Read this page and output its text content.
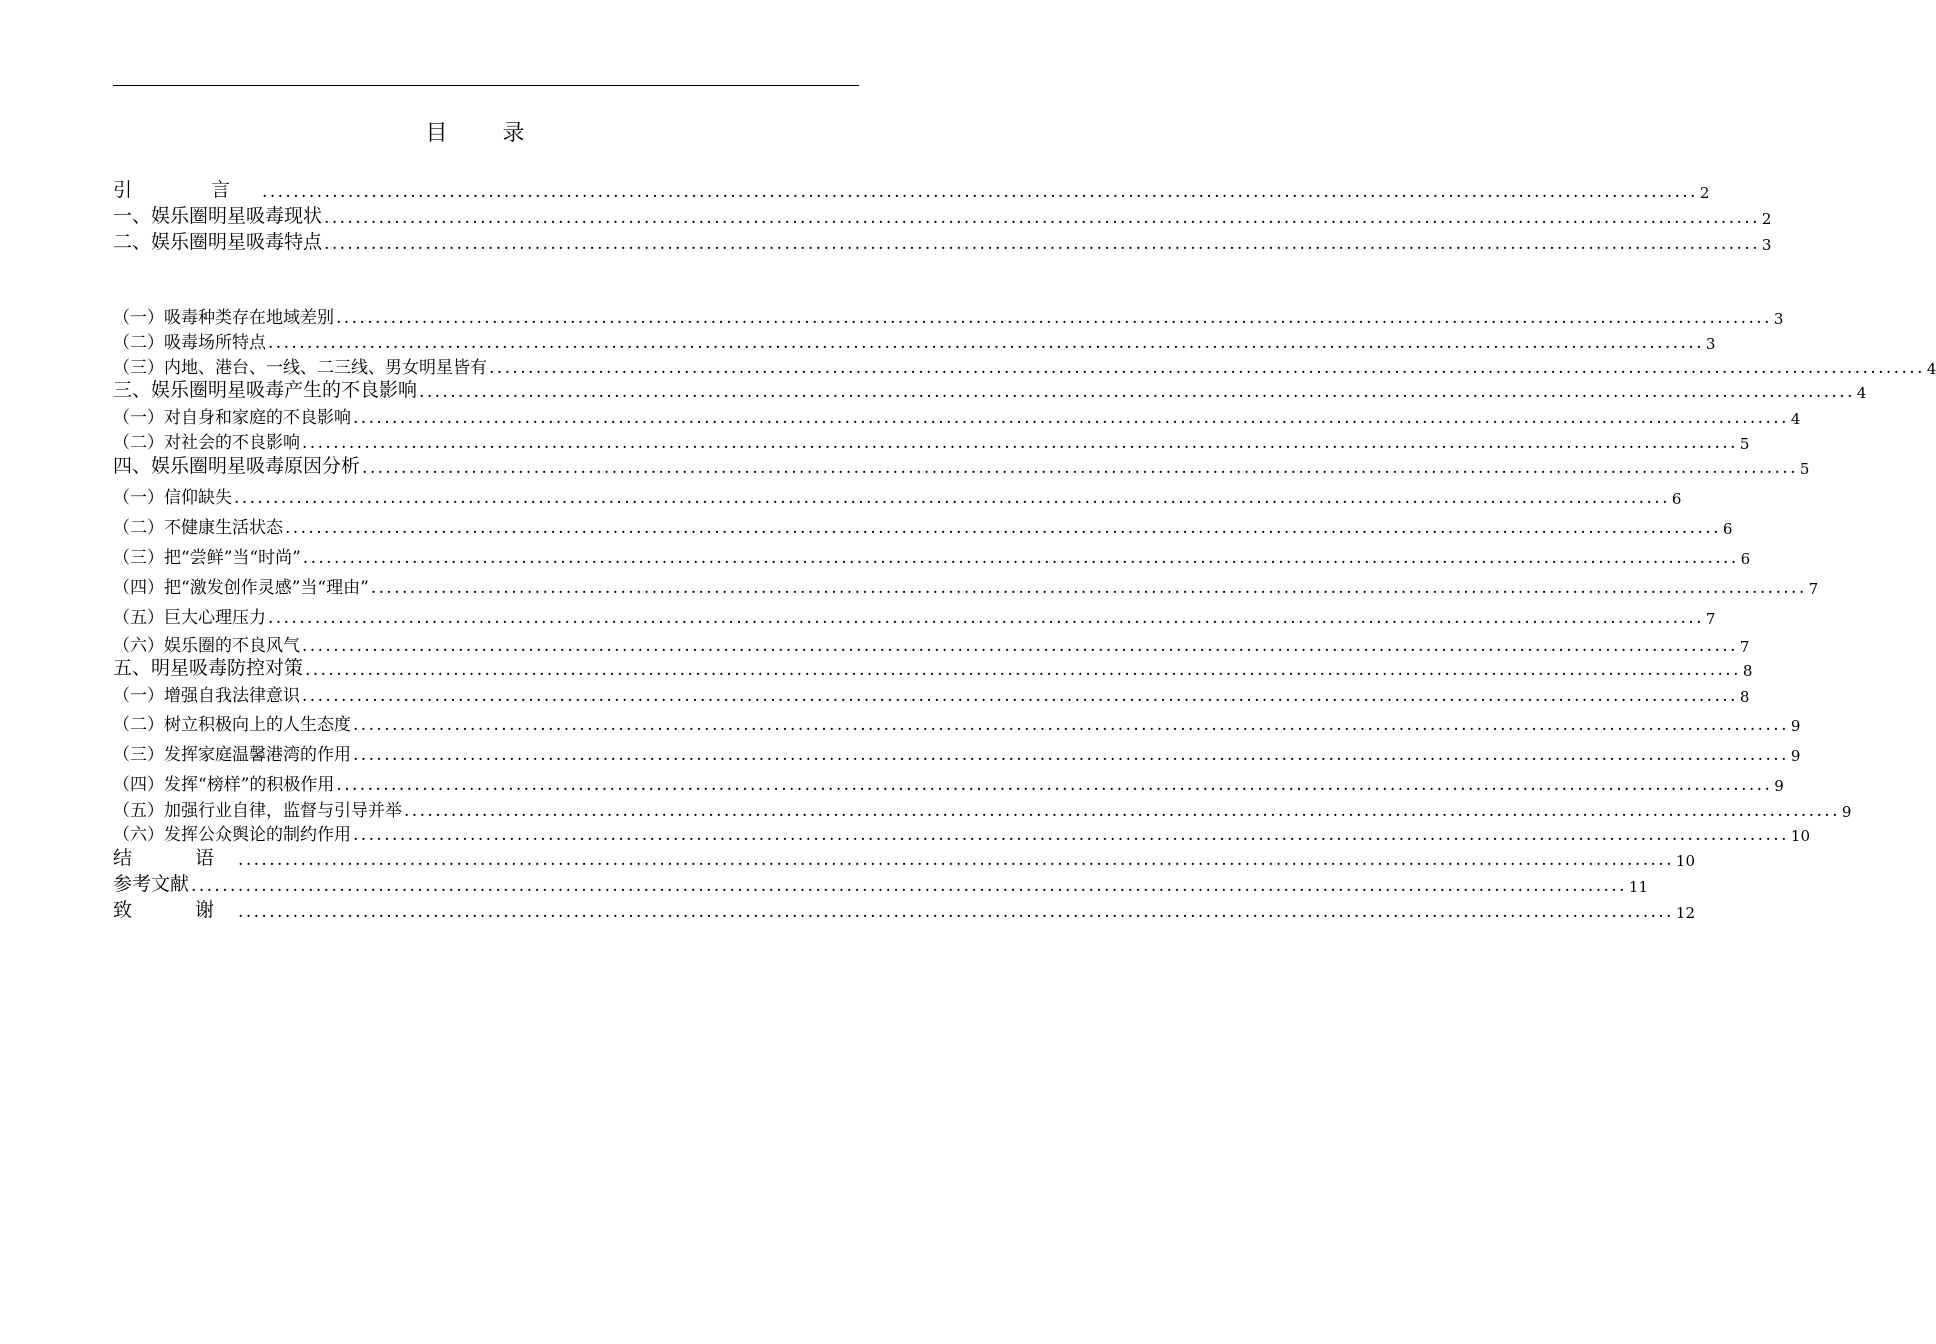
目 录
引　言 .....	2
一、娱乐圈明星吸毒现状 .....	2
二、娱乐圈明星吸毒特点 .....	3
（一）吸毒种类存在地域差别 .....	3
（二）吸毒场所特点 .....	3
（三）内地、港台、一线、二三线、男女明星皆有 .....	4
三、娱乐圈明星吸毒产生的不良影响 .....	4
（一）对自身和家庭的不良影响 .....	4
（二）对社会的不良影响 .....	5
四、娱乐圈明星吸毒原因分析 .....	5
（一）信仰缺失 .....	6
（二）不健康生活状态 .....	6
（三）把“尝鲜”当“时尚” .....	6
（四）把“激发创作灵感”当“理由” .....	7
（五）巨大心理压力 .....	7
（六）娱乐圈的不良风气 .....	7
五、明星吸毒防控对策 .....	8
（一）增强自我法律意识 .....	8
（二）树立积极向上的人生态度 .....	9
（三）发挥家庭温馨港湾的作用 .....	9
（四）发挥“榜样”的积极作用 .....	9
（五）加强行业自律，监督与引导并举 .....	9
（六）发挥公众舆论的制约作用 .....	10
结　语 .....	10
参考文献 .....	11
致　谢 .....	12
